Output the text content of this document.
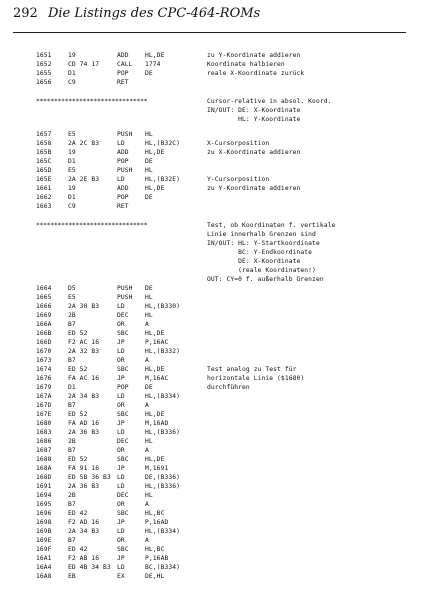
292 Die Listings des CPC-464-ROMs
1651	19	ADD	HL,DE	zu Y-Koordinate addieren
1652	CD 74 17	CALL 1774	Koordinate halbieren
1655	D1	POP	DE	reale X-Koordinate zurück
1656	C9	RET
*******************************	Cursor-relative in absol. Koord.
IN/OUT: DE: X-Koordinate
HL: Y-Koordinate
1657	E5	PUSH HL
1658	2A 2C B3	LD	HL,(B32C)	X-Cursorposition
165B	19	ADD	HL,DE	zu X-Koordinate addieren
165C	D1	POP	DE
165D	E5	PUSH HL
165E	2A 2E B3	LD	HL,(B32E)	Y-Cursorposition
1661	19	ADD	HL,DE	zu Y-Koordinate addieren
1662	D1	POP	DE
1663	C9	RET
*******************************	Test, ob Koordinaten f. vertikale
Linie innerhalb Grenzen sind
IN/OUT: HL: Y-Startkoordinate
BC: Y-Endkoordinate
DE: X-Koordinate
(reale Koordinaten!)
OUT: CY=0 f. außerhalb Grenzen
1664	D5	PUSH DE
1665	E5	PUSH HL
1666	2A 30 B3	LD	HL,(B330)
1669	2B	DEC	HL
166A	B7	OR	A
166B	ED 52	SBC	HL,DE
166D	F2 AC 16	JP	P,16AC
1670	2A 32 B3	LD	HL,(B332)
1673	B7	OR	A
1674	ED 52	SBC	HL,DE	Test analog zu Test für
1676	FA AC 16	JP	M,16AC	horizontale Linie ($1680)
1679	D1	POP	DE	durchführen
167A	2A 34 B3	LD	HL,(B334)
167D	B7	OR	A
167E	ED 52	SBC	HL,DE
1680	FA AD 16	JP	M,16AD
1683	2A 36 B3	LD	HL,(B336)
1686	2B	DEC	HL
1687	B7	OR	A
1688	ED 52	SBC	HL,DE
168A	FA 91 16	JP	M,1691
168D	ED 5B 36 B3 LD	DE,(B336)
1691	2A 36 B3	LD	HL,(B336)
1694	2B	DEC	HL
1695	B7	OR	A
1696	ED 42	SBC	HL,BC
1698	F2 AD 16	JP	P,16AD
169B	2A 34 B3	LD	HL,(B334)
169E	B7	OR	A
169F	ED 42	SBC	HL,BC
16A1	F2 AB 16	JP	P,16AB
16A4	ED 4B 34 B3 LD	BC,(B334)
16A8	EB	EX	DE,HL
